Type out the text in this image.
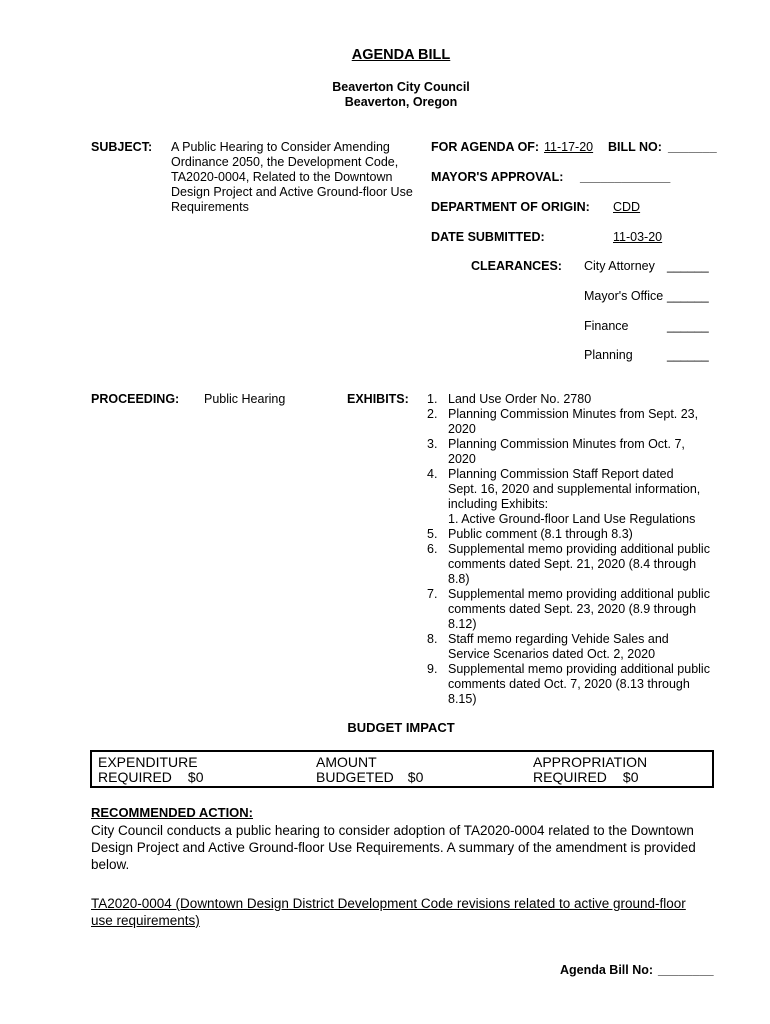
AGENDA BILL
Beaverton City Council
Beaverton, Oregon
SUBJECT: A Public Hearing to Consider Amending
Ordinance 2050, the Development Code,
TA2020-0004, Related to the Downtown
Design Project and Active Ground-floor Use
Requirements
FOR AGENDA OF: 11-17-20 BILL NO: _______
MAYOR'S APPROVAL: _____________
DEPARTMENT OF ORIGIN: CDD
DATE SUBMITTED:	11-03-20
CLEARANCES: City Attorney ______
Mayor's Office ______
Finance	______
Planning	______
PROCEEDING: Public Hearing	EXHIBITS: 1. Land Use Order No. 2780
2. Planning Commission Minutes from Sept. 23,
2020
3. Planning Commission Minutes from Oct. 7,
2020
4. Planning Commission Staff Report dated
Sept. 16, 2020 and supplemental information,
including Exhibits:
1. Active Ground-floor Land Use Regulations
5. Public comment (8.1 through 8.3)
6. Supplemental memo providing additional public
comments dated Sept. 21, 2020 (8.4 through
8.8)
7. Supplemental memo providing additional public
comments dated Sept. 23, 2020 (8.9 through
8.12)
8. Staff memo regarding Vehide Sales and
Service Scenarios dated Oct. 2, 2020
9. Supplemental memo providing additional public
comments dated Oct. 7, 2020 (8.13 through
8.15)
BUDGET IMPACT
EXPENDITURE
REQUIRED $0

AMOUNT
BUDGETED $0

APPROPRIATION
REQUIRED $0
RECOMMENDED ACTION:
City Council conducts a public hearing to consider adoption of TA2020-0004 related to the Downtown
Design Project and Active Ground-floor Use Requirements. A summary of the amendment is provided
below.
TA2020-0004 (Downtown Design District Development Code revisions related to active ground-floor
use requirements)
Agenda Bill No: ________
